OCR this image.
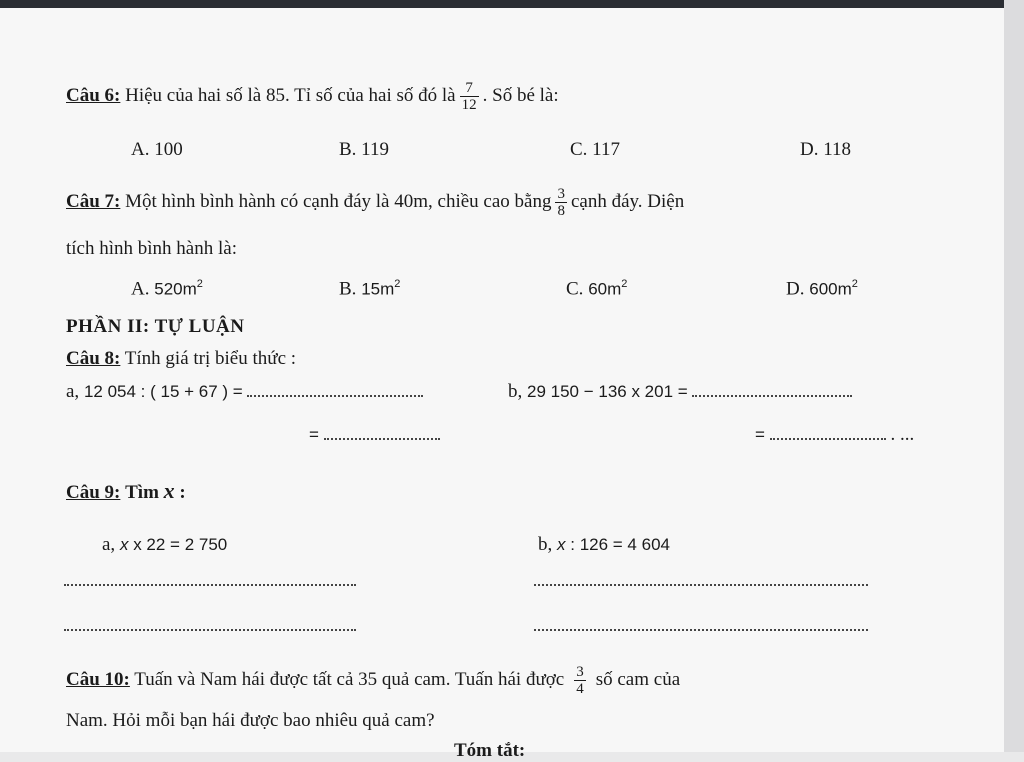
Câu 6: Hiệu của hai số là 85. Tỉ số của hai số đó là $\frac{7}{12}$ . Số bé là:
A. 100	B. 119	C. 117	D. 118
Câu 7: Một hình bình hành có cạnh đáy là 40m, chiều cao bằng $\frac{3}{8}$ cạnh đáy. Diện
tích hình bình hành là:
A. $520m^2$	B. $15m^2$	C. $60m^2$	D. $600m^2$
PHẦN II: TỰ LUẬN
Câu 8: Tính giá trị biểu thức :
a, 12 054 : ( 15 + 67 ) =	b, 29 150 − 136 x 201 =
=	=	. ...
Câu 9: Tìm x :
a, x x 22 = 2 750	b, x : 126 = 4 604
Câu 10: Tuấn và Nam hái được tất cả 35 quả cam. Tuấn hái được $\frac{3}{4}$ số cam của
Nam. Hỏi mỗi bạn hái được bao nhiêu quả cam?
Tóm tắt:
